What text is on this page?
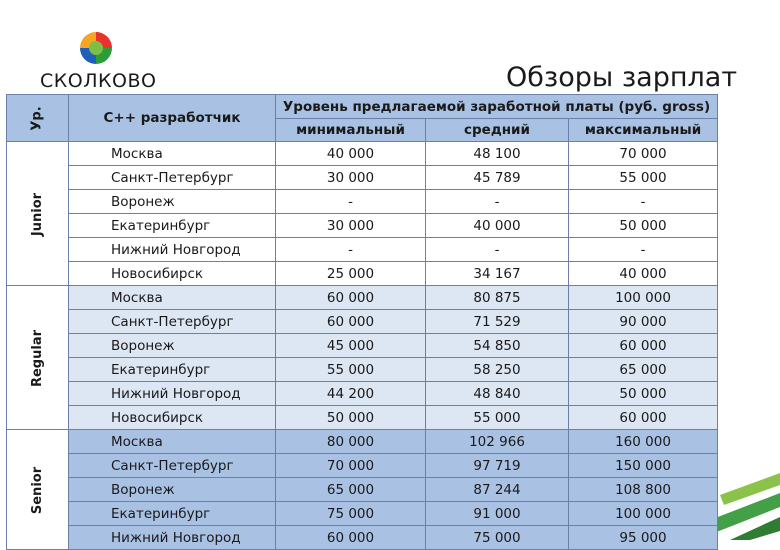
СКОЛКОВО	Обзоры зарплат
Ур.	С++ разработчик	Уровень предлагаемой заработной платы (руб. gross)		
		минимальный	средний	максимальный
Junior	Москва	40 000	48 100	70 000
	Санкт-Петербург	30 000	45 789	55 000
	Воронеж	-	-	-
	Екатеринбург	30 000	40 000	50 000
	Нижний Новгород	-	-	-
	Новосибирск	25 000	34 167	40 000
Regular	Москва	60 000	80 875	100 000
	Санкт-Петербург	60 000	71 529	90 000
	Воронеж	45 000	54 850	60 000
	Екатеринбург	55 000	58 250	65 000
	Нижний Новгород	44 200	48 840	50 000
	Новосибирск	50 000	55 000	60 000
Senior	Москва	80 000	102 966	160 000
	Санкт-Петербург	70 000	97 719	150 000
	Воронеж	65 000	87 244	108 800
	Екатеринбург	75 000	91 000	100 000
	Нижний Новгород	60 000	75 000	95 000
